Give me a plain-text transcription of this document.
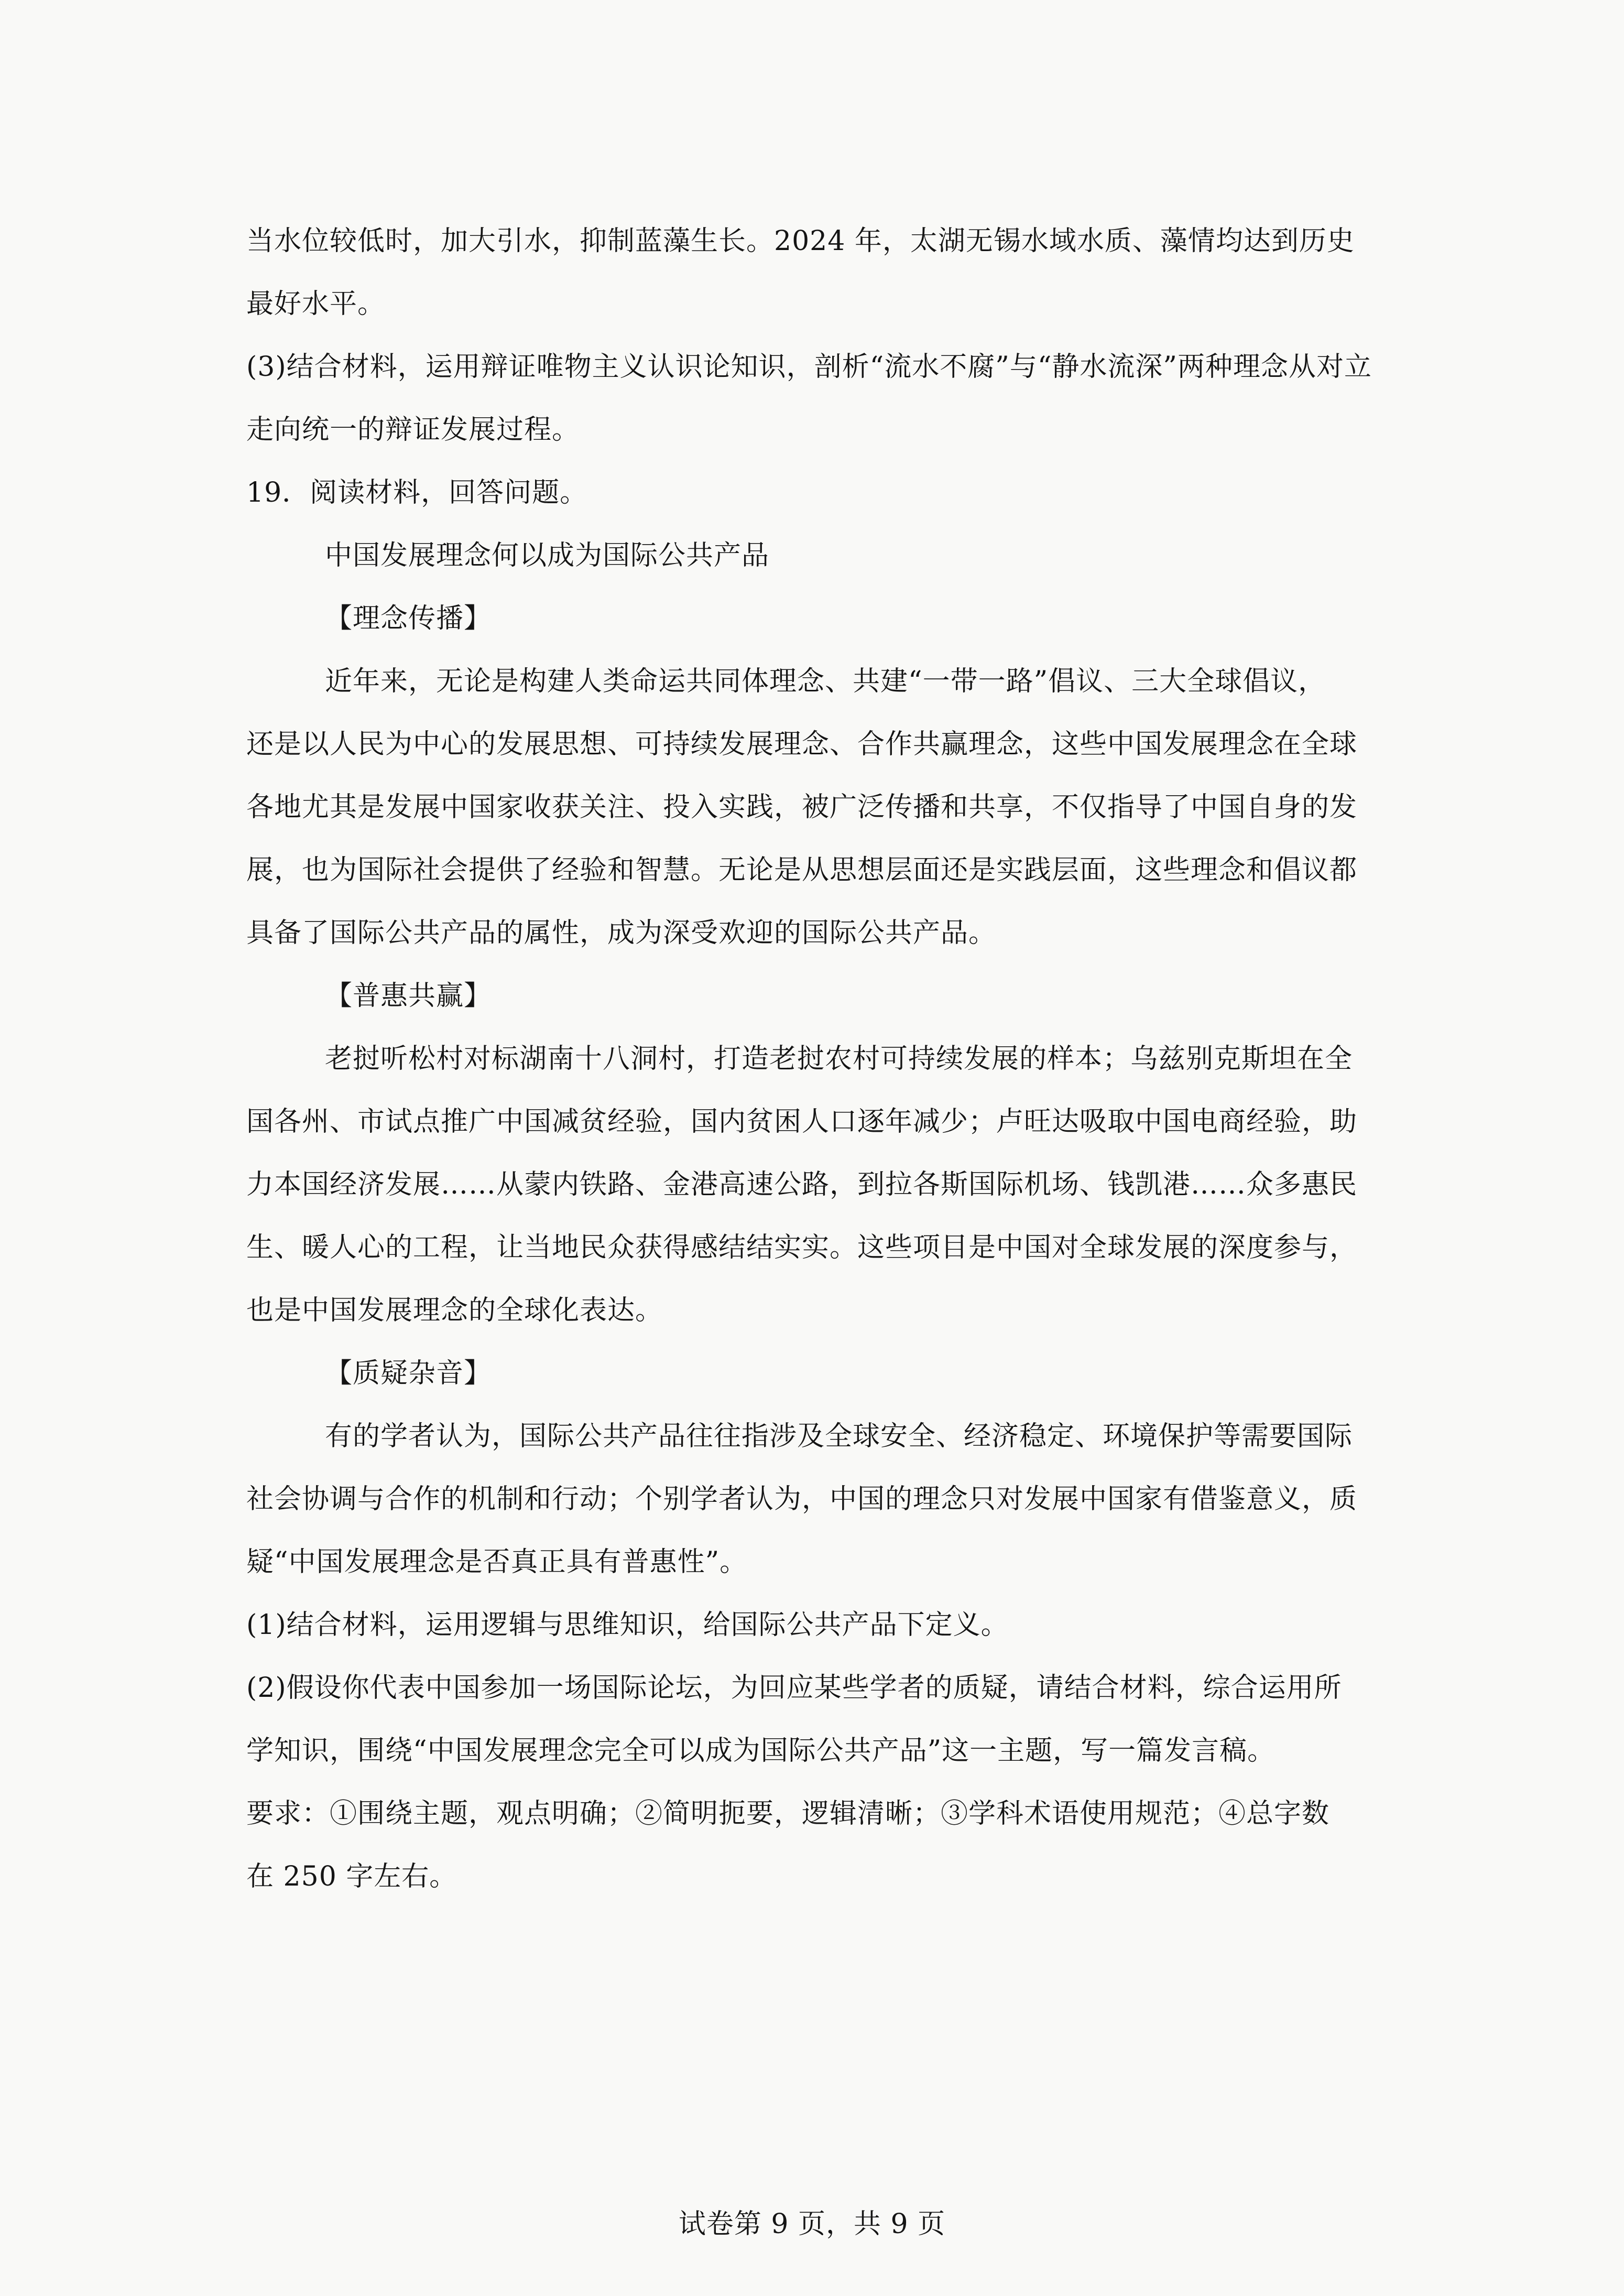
当水位较低时，加大引水，抑制蓝藻生长。2024 年，太湖无锡水域水质、藻情均达到历史
最好水平。
(3)结合材料，运用辩证唯物主义认识论知识，剖析“流水不腐”与“静水流深”两种理念从对立
走向统一的辩证发展过程。
19．阅读材料，回答问题。
中国发展理念何以成为国际公共产品
【理念传播】
近年来，无论是构建人类命运共同体理念、共建“一带一路”倡议、三大全球倡议，
还是以人民为中心的发展思想、可持续发展理念、合作共赢理念，这些中国发展理念在全球
各地尤其是发展中国家收获关注、投入实践，被广泛传播和共享，不仅指导了中国自身的发
展，也为国际社会提供了经验和智慧。无论是从思想层面还是实践层面，这些理念和倡议都
具备了国际公共产品的属性，成为深受欢迎的国际公共产品。
【普惠共赢】
老挝听松村对标湖南十八洞村，打造老挝农村可持续发展的样本；乌兹别克斯坦在全
国各州、市试点推广中国减贫经验，国内贫困人口逐年减少；卢旺达吸取中国电商经验，助
力本国经济发展……从蒙内铁路、金港高速公路，到拉各斯国际机场、钱凯港……众多惠民
生、暖人心的工程，让当地民众获得感结结实实。这些项目是中国对全球发展的深度参与，
也是中国发展理念的全球化表达。
【质疑杂音】
有的学者认为，国际公共产品往往指涉及全球安全、经济稳定、环境保护等需要国际
社会协调与合作的机制和行动；个别学者认为，中国的理念只对发展中国家有借鉴意义，质
疑“中国发展理念是否真正具有普惠性”。
(1)结合材料，运用逻辑与思维知识，给国际公共产品下定义。
(2)假设你代表中国参加一场国际论坛，为回应某些学者的质疑，请结合材料，综合运用所
学知识，围绕“中国发展理念完全可以成为国际公共产品”这一主题，写一篇发言稿。
要求：①围绕主题，观点明确；②简明扼要，逻辑清晰；③学科术语使用规范；④总字数
在 250 字左右。
试卷第 9 页，共 9 页
